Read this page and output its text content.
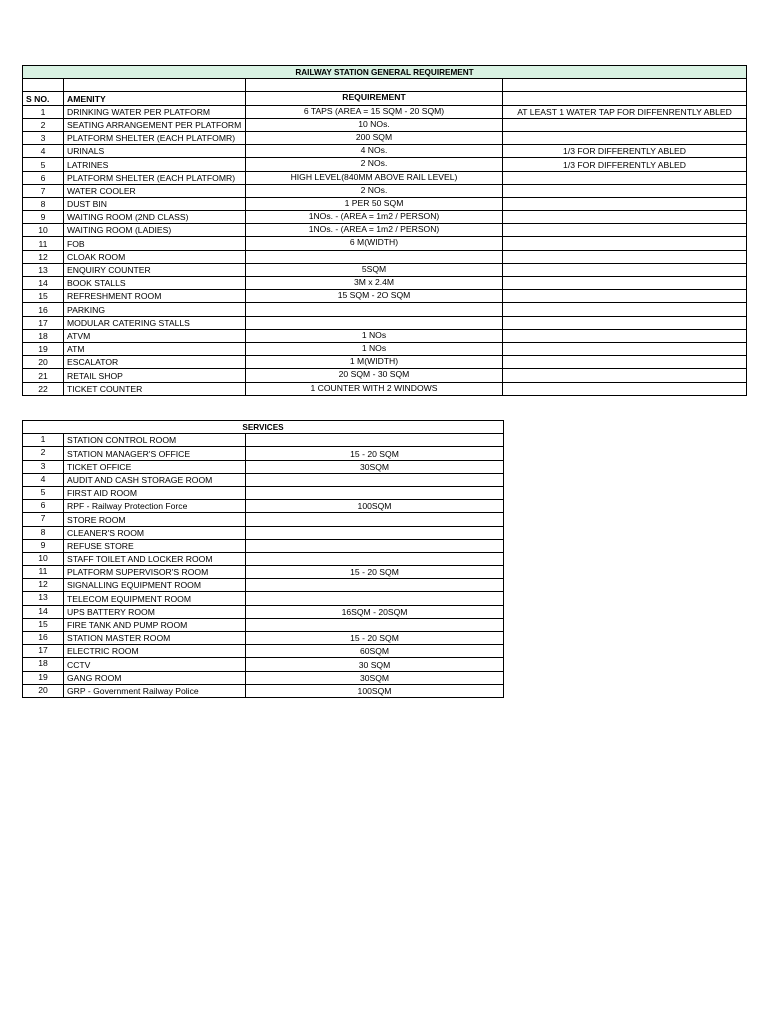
RAILWAY STATION GENERAL REQUIREMENT			

S NO.	AMENITY	REQUIREMENT	
1	DRINKING WATER PER PLATFORM	6 TAPS (AREA = 15 SQM - 20 SQM)	AT LEAST 1 WATER TAP FOR DIFFENRENTLY ABLED
2	SEATING ARRANGEMENT PER PLATFORM	10 NOs.	
3	PLATFORM SHELTER (EACH PLATFOMR)	200 SQM	
4	URINALS	4 NOs.	1/3 FOR DIFFERENTLY ABLED
5	LATRINES	2 NOs.	1/3 FOR DIFFERENTLY ABLED
6	PLATFORM SHELTER (EACH PLATFOMR)	HIGH LEVEL(840MM ABOVE RAIL LEVEL)	
7	WATER COOLER	2 NOs.	
8	DUST BIN	1 PER 50 SQM	
9	WAITING ROOM (2ND CLASS)	1NOs. - (AREA = 1m2 / PERSON)	
10	WAITING ROOM (LADIES)	1NOs. - (AREA = 1m2 / PERSON)	
11	FOB	6 M(WIDTH)	
12	CLOAK ROOM		
13	ENQUIRY COUNTER	5SQM	
14	BOOK STALLS	3M x 2.4M	
15	REFRESHMENT ROOM	15 SQM - 2O SQM	
16	PARKING		
17	MODULAR CATERING STALLS		
18	ATVM	1 NOs	
19	ATM	1 NOs	
20	ESCALATOR	1 M(WIDTH)	
21	RETAIL SHOP	20 SQM - 30 SQM	
22	TICKET COUNTER	1 COUNTER WITH 2 WINDOWS	
SERVICES		
1	STATION CONTROL ROOM	
2	STATION MANAGER'S OFFICE	15 - 20 SQM
3	TICKET OFFICE	30SQM
4	AUDIT AND CASH STORAGE ROOM	
5	FIRST AID ROOM	
6	RPF - Railway Protection Force	100SQM
7	STORE ROOM	
8	CLEANER'S ROOM	
9	REFUSE STORE	
10	STAFF TOILET AND LOCKER ROOM	
11	PLATFORM SUPERVISOR'S ROOM	15 - 20 SQM
12	SIGNALLING EQUIPMENT ROOM	
13	TELECOM EQUIPMENT ROOM	
14	UPS BATTERY ROOM	16SQM - 20SQM
15	FIRE TANK AND PUMP ROOM	
16	STATION MASTER ROOM	15 - 20 SQM
17	ELECTRIC ROOM	60SQM
18	CCTV	30 SQM
19	GANG ROOM	30SQM
20	GRP - Government Railway Police	100SQM
